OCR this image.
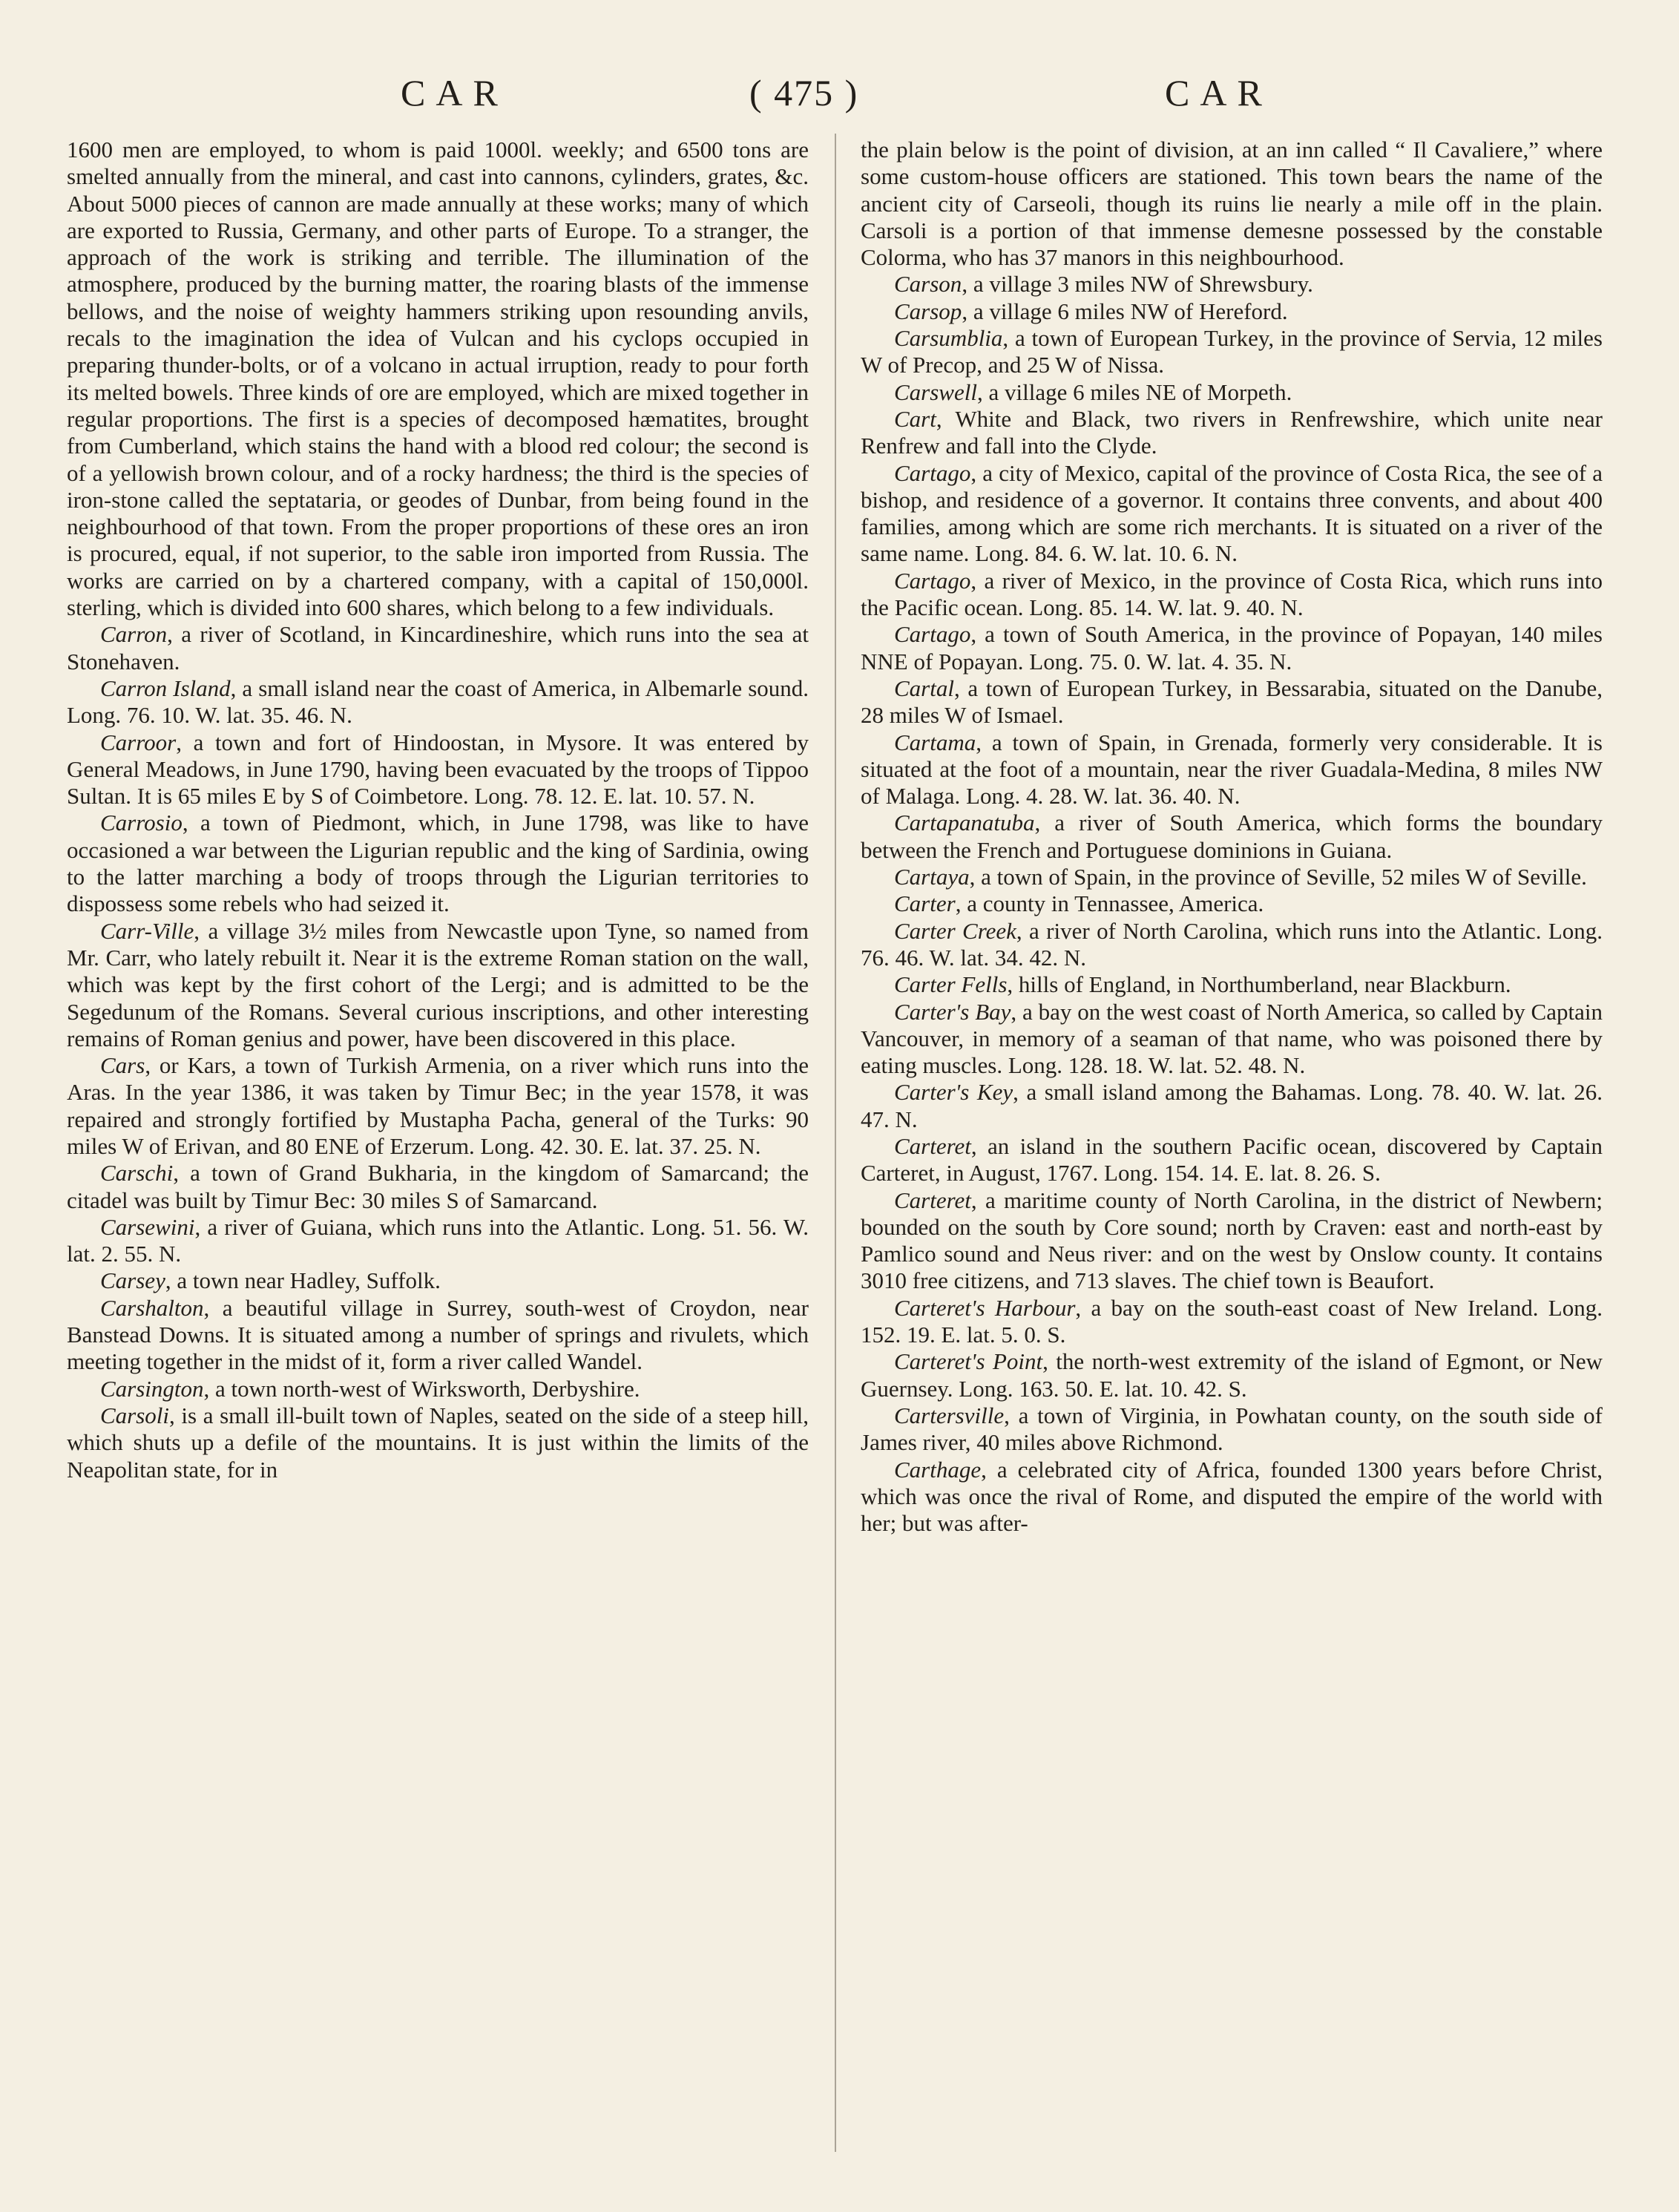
CAR	( 475 )	CAR

1600 men are employed, to whom is paid 1000l. weekly; and 6500 tons are smelted annually from the mineral, and cast into cannons, cylinders, grates, &c. About 5000 pieces of cannon are made annually at these works; many of which are exported to Russia, Germany, and other parts of Europe. To a stranger, the approach of the work is striking and terrible. The illumination of the atmosphere, produced by the burning matter, the roaring blasts of the immense bellows, and the noise of weighty hammers striking upon resounding anvils, recals to the imagination the idea of Vulcan and his cyclops occupied in preparing thunder-bolts, or of a volcano in actual irruption, ready to pour forth its melted bowels. Three kinds of ore are employed, which are mixed together in regular proportions. The first is a species of decomposed hæmatites, brought from Cumberland, which stains the hand with a blood red colour; the second is of a yellowish brown colour, and of a rocky hardness; the third is the species of iron-stone called the septataria, or geodes of Dunbar, from being found in the neighbourhood of that town. From the proper proportions of these ores an iron is procured, equal, if not superior, to the sable iron imported from Russia. The works are carried on by a chartered company, with a capital of 150,000l. sterling, which is divided into 600 shares, which belong to a few individuals.

Carron, a river of Scotland, in Kincardineshire, which runs into the sea at Stonehaven.

Carron Island, a small island near the coast of America, in Albemarle sound. Long. 76. 10. W. lat. 35. 46. N.

Carroor, a town and fort of Hindoostan, in Mysore. It was entered by General Meadows, in June 1790, having been evacuated by the troops of Tippoo Sultan. It is 65 miles E by S of Coimbetore. Long. 78. 12. E. lat. 10. 57. N.

Carrosio, a town of Piedmont, which, in June 1798, was like to have occasioned a war between the Ligurian republic and the king of Sardinia, owing to the latter marching a body of troops through the Ligurian territories to dispossess some rebels who had seized it.

Carr-Ville, a village 3½ miles from Newcastle upon Tyne, so named from Mr. Carr, who lately rebuilt it. Near it is the extreme Roman station on the wall, which was kept by the first cohort of the Lergi; and is admitted to be the Segedunum of the Romans. Several curious inscriptions, and other interesting remains of Roman genius and power, have been discovered in this place.

Cars, or Kars, a town of Turkish Armenia, on a river which runs into the Aras. In the year 1386, it was taken by Timur Bec; in the year 1578, it was repaired and strongly fortified by Mustapha Pacha, general of the Turks: 90 miles W of Erivan, and 80 ENE of Erzerum. Long. 42. 30. E. lat. 37. 25. N.

Carschi, a town of Grand Bukharia, in the kingdom of Samarcand; the citadel was built by Timur Bec: 30 miles S of Samarcand.

Carsewini, a river of Guiana, which runs into the Atlantic. Long. 51. 56. W. lat. 2. 55. N.

Carsey, a town near Hadley, Suffolk.

Carshalton, a beautiful village in Surrey, south-west of Croydon, near Banstead Downs. It is situated among a number of springs and rivulets, which meeting together in the midst of it, form a river called Wandel.

Carsington, a town north-west of Wirksworth, Derbyshire.

Carsoli, is a small ill-built town of Naples, seated on the side of a steep hill, which shuts up a defile of the mountains. It is just within the limits of the Neapolitan state, for in

the plain below is the point of division, at an inn called “ Il Cavaliere,” where some custom-house officers are stationed. This town bears the name of the ancient city of Carseoli, though its ruins lie nearly a mile off in the plain. Carsoli is a portion of that immense demesne possessed by the constable Colorma, who has 37 manors in this neighbourhood.

Carson, a village 3 miles NW of Shrewsbury.

Carsop, a village 6 miles NW of Hereford.

Carsumblia, a town of European Turkey, in the province of Servia, 12 miles W of Precop, and 25 W of Nissa.

Carswell, a village 6 miles NE of Morpeth.

Cart, White and Black, two rivers in Renfrewshire, which unite near Renfrew and fall into the Clyde.

Cartago, a city of Mexico, capital of the province of Costa Rica, the see of a bishop, and residence of a governor. It contains three convents, and about 400 families, among which are some rich merchants. It is situated on a river of the same name. Long. 84. 6. W. lat. 10. 6. N.

Cartago, a river of Mexico, in the province of Costa Rica, which runs into the Pacific ocean. Long. 85. 14. W. lat. 9. 40. N.

Cartago, a town of South America, in the province of Popayan, 140 miles NNE of Popayan. Long. 75. 0. W. lat. 4. 35. N.

Cartal, a town of European Turkey, in Bessarabia, situated on the Danube, 28 miles W of Ismael.

Cartama, a town of Spain, in Grenada, formerly very considerable. It is situated at the foot of a mountain, near the river Guadala-Medina, 8 miles NW of Malaga. Long. 4. 28. W. lat. 36. 40. N.

Cartapanatuba, a river of South America, which forms the boundary between the French and Portuguese dominions in Guiana.

Cartaya, a town of Spain, in the province of Seville, 52 miles W of Seville.

Carter, a county in Tennassee, America.

Carter Creek, a river of North Carolina, which runs into the Atlantic. Long. 76. 46. W. lat. 34. 42. N.

Carter Fells, hills of England, in Northumberland, near Blackburn.

Carter's Bay, a bay on the west coast of North America, so called by Captain Vancouver, in memory of a seaman of that name, who was poisoned there by eating muscles. Long. 128. 18. W. lat. 52. 48. N.

Carter's Key, a small island among the Bahamas. Long. 78. 40. W. lat. 26. 47. N.

Carteret, an island in the southern Pacific ocean, discovered by Captain Carteret, in August, 1767. Long. 154. 14. E. lat. 8. 26. S.

Carteret, a maritime county of North Carolina, in the district of Newbern; bounded on the south by Core sound; north by Craven: east and north-east by Pamlico sound and Neus river: and on the west by Onslow county. It contains 3010 free citizens, and 713 slaves. The chief town is Beaufort.

Carteret's Harbour, a bay on the south-east coast of New Ireland. Long. 152. 19. E. lat. 5. 0. S.

Carteret's Point, the north-west extremity of the island of Egmont, or New Guernsey. Long. 163. 50. E. lat. 10. 42. S.

Cartersville, a town of Virginia, in Powhatan county, on the south side of James river, 40 miles above Richmond.

Carthage, a celebrated city of Africa, founded 1300 years before Christ, which was once the rival of Rome, and disputed the empire of the world with her; but was after-
